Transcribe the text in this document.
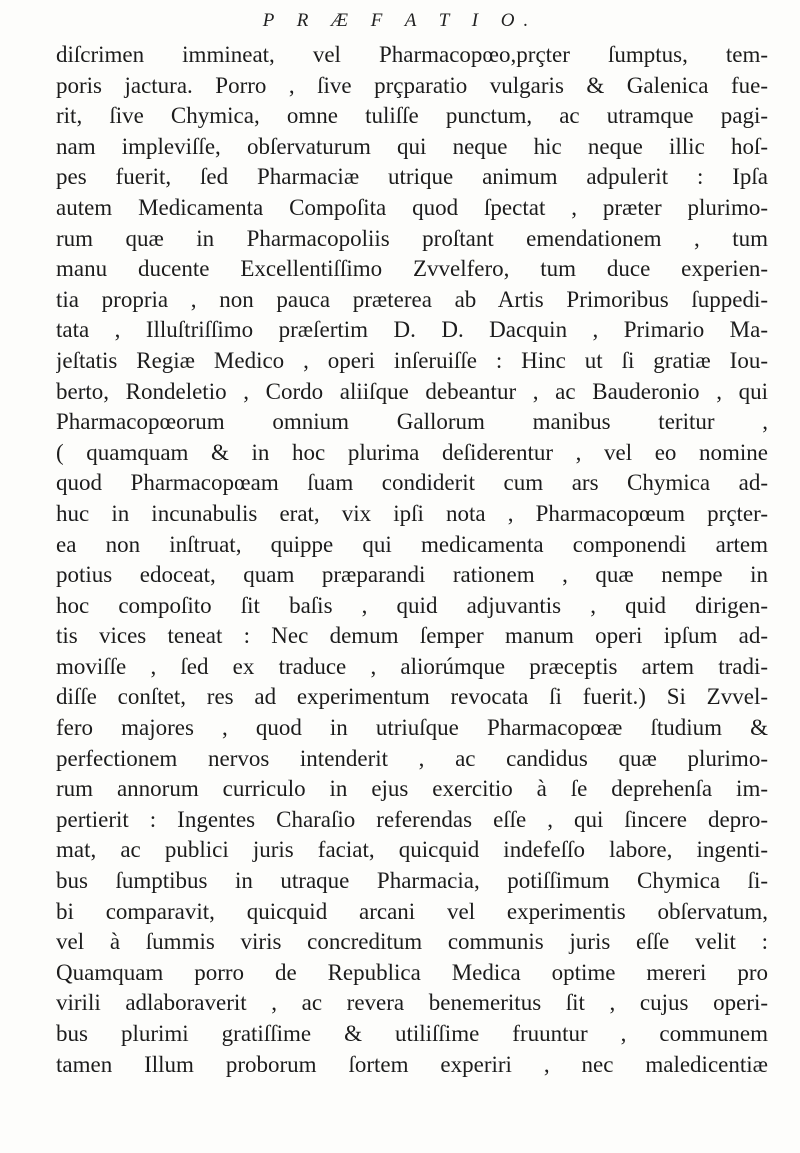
P R Æ F A T I O.
diſcrimen immineat, vel Pharmacopœo,prçter ſumptus, tem-
poris jactura. Porro , ſive prçparatio vulgaris & Galenica fue-
rit, ſive Chymica, omne tuliſſe punctum, ac utramque pagi-
nam impleviſſe, obſervaturum qui neque hic neque illic hoſ-
pes fuerit, ſed Pharmaciæ utrique animum adpulerit : Ipſa
autem Medicamenta Compoſita quod ſpectat , præter plurimo-
rum quæ in Pharmacopoliis proſtant emendationem , tum
manu ducente Excellentiſſimo Zvvelfero, tum duce experien-
tia propria , non pauca præterea ab Artis Primoribus ſuppedi-
tata , Illuſtriſſimo præſertim D. D. Dacquin , Primario Ma-
jeſtatis Regiæ Medico , operi inſeruiſſe : Hinc ut ſi gratiæ Iou-
berto, Rondeletio , Cordo aliiſque debeantur , ac Bauderonio , qui
Pharmacopœorum omnium Gallorum manibus teritur ,
( quamquam & in hoc plurima deſiderentur , vel eo nomine
quod Pharmacopœam ſuam condiderit cum ars Chymica ad-
huc in incunabulis erat, vix ipſi nota , Pharmacopœum prçter-
ea non inſtruat, quippe qui medicamenta componendi artem
potius edoceat, quam præparandi rationem , quæ nempe in
hoc compoſito ſit baſis , quid adjuvantis , quid dirigen-
tis vices teneat : Nec demum ſemper manum operi ipſum ad-
moviſſe , ſed ex traduce , aliorúmque præceptis artem tradi-
diſſe conſtet, res ad experimentum revocata ſi fuerit.) Si Zvvel-
fero majores , quod in utriuſque Pharmacopœæ ſtudium &
perfectionem nervos intenderit , ac candidus quæ plurimo-
rum annorum curriculo in ejus exercitio à ſe deprehenſa im-
pertierit : Ingentes Charaſio referendas eſſe , qui ſincere depro-
mat, ac publici juris faciat, quicquid indefeſſo labore, ingenti-
bus ſumptibus in utraque Pharmacia, potiſſimum Chymica ſi-
bi comparavit, quicquid arcani vel experimentis obſervatum,
vel à ſummis viris concreditum communis juris eſſe velit :
Quamquam porro de Republica Medica optime mereri pro
virili adlaboraverit , ac revera benemeritus ſit , cujus operi-
bus plurimi gratiſſime & utiliſſime fruuntur , communem
tamen Illum proborum ſortem experiri , nec maledicentiæ
